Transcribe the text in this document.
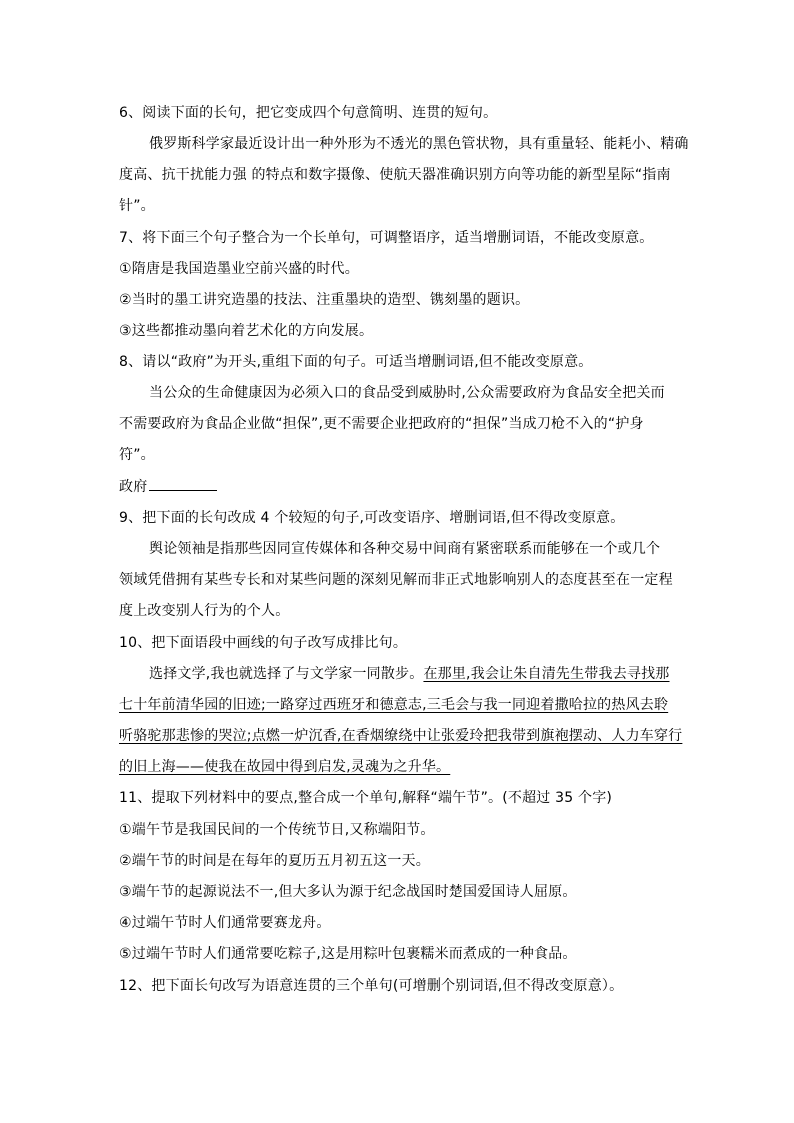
6、阅读下面的长句，把它变成四个句意简明、连贯的短句。
俄罗斯科学家最近设计出一种外形为不透光的黑色管状物，具有重量轻、能耗小、精确
度高、抗干扰能力强 的特点和数字摄像、使航天器准确识别方向等功能的新型星际“指南
针”。
7、将下面三个句子整合为一个长单句，可调整语序，适当增删词语，不能改变原意。
①隋唐是我国造墨业空前兴盛的时代。
②当时的墨工讲究造墨的技法、注重墨块的造型、镌刻墨的题识。
③这些都推动墨向着艺术化的方向发展。
8、请以“政府”为开头,重组下面的句子。可适当增删词语,但不能改变原意。
当公众的生命健康因为必须入口的食品受到威胁时,公众需要政府为食品安全把关而
不需要政府为食品企业做“担保”,更不需要企业把政府的“担保”当成刀枪不入的“护身
符”。
政府
9、把下面的长句改成 4 个较短的句子,可改变语序、增删词语,但不得改变原意。
舆论领袖是指那些因同宣传媒体和各种交易中间商有紧密联系而能够在一个或几个
领域凭借拥有某些专长和对某些问题的深刻见解而非正式地影响别人的态度甚至在一定程
度上改变别人行为的个人。
10、把下面语段中画线的句子改写成排比句。
选择文学,我也就选择了与文学家一同散步。在那里,我会让朱自清先生带我去寻找那
七十年前清华园的旧迹;一路穿过西班牙和德意志,三毛会与我一同迎着撒哈拉的热风去聆
听骆驼那悲惨的哭泣;点燃一炉沉香,在香烟缭绕中让张爱玲把我带到旗袍摆动、人力车穿行
的旧上海——使我在故园中得到启发,灵魂为之升华。
11、提取下列材料中的要点,整合成一个单句,解释“端午节”。(不超过 35 个字)
①端午节是我国民间的一个传统节日,又称端阳节。
②端午节的时间是在每年的夏历五月初五这一天。
③端午节的起源说法不一,但大多认为源于纪念战国时楚国爱国诗人屈原。
④过端午节时人们通常要赛龙舟。
⑤过端午节时人们通常要吃粽子,这是用粽叶包裹糯米而煮成的一种食品。
12、把下面长句改写为语意连贯的三个单句(可增删个别词语,但不得改变原意）。
